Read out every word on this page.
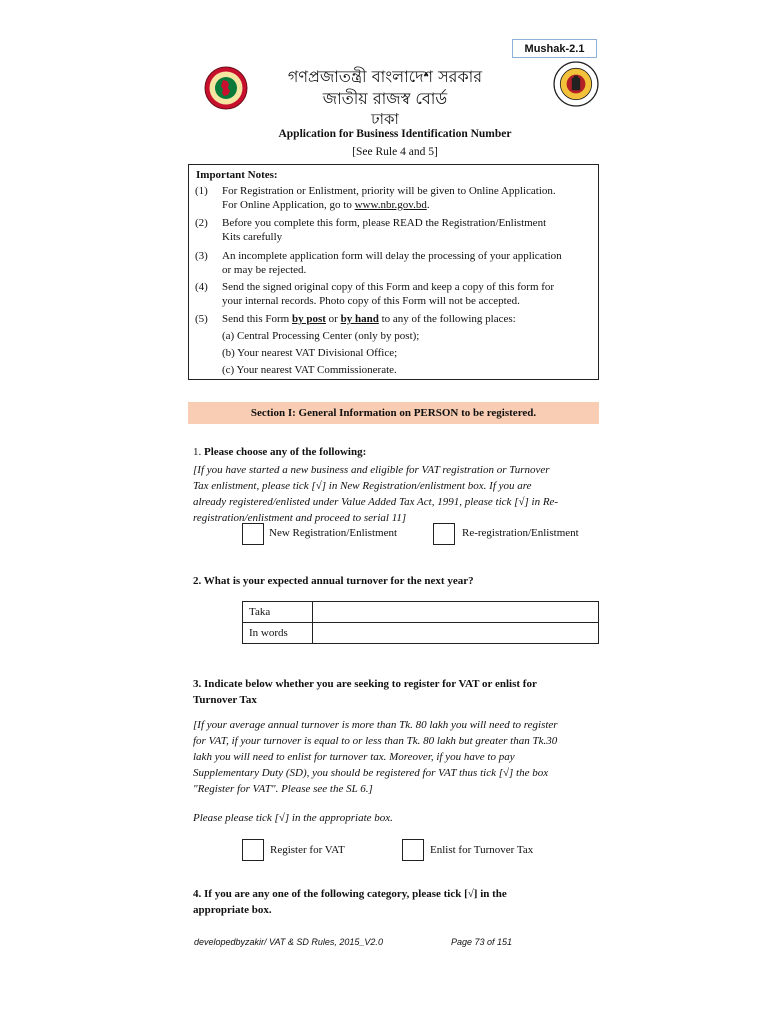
Mushak-2.1
গণপ্রজাতন্ত্রী বাংলাদেশ সরকার
জাতীয় রাজস্ব বোর্ড
ঢাকা
Application for Business Identification Number
[See Rule 4 and 5]
Important Notes:
(1) For Registration or Enlistment, priority will be given to Online Application.
For Online Application, go to www.nbr.gov.bd.
(2) Before you complete this form, please READ the Registration/Enlistment
Kits carefully
(3) An incomplete application form will delay the processing of your application
or may be rejected.
(4) Send the signed original copy of this Form and keep a copy of this form for
your internal records. Photo copy of this Form will not be accepted.
(5) Send this Form by post or by hand to any of the following places:
(a) Central Processing Center (only by post);
(b) Your nearest VAT Divisional Office;
(c) Your nearest VAT Commissionerate.
Section I: General Information on PERSON to be registered.
1. Please choose any of the following:
[If you have started a new business and eligible for VAT registration or Turnover
Tax enlistment, please tick [√] in New Registration/enlistment box. If you are
already registered/enlisted under Value Added Tax Act, 1991, please tick [√] in Re-
registration/enlistment and proceed to serial 11]
New Registration/Enlistment	Re-registration/Enlistment
2. What is your expected annual turnover for the next year?
Taka	
In words	
3. Indicate below whether you are seeking to register for VAT or enlist for
Turnover Tax
[If your average annual turnover is more than Tk. 80 lakh you will need to register
for VAT, if your turnover is equal to or less than Tk. 80 lakh but greater than Tk.30
lakh you will need to enlist for turnover tax. Moreover, if you have to pay
Supplementary Duty (SD), you should be registered for VAT thus tick [√] the box
"Register for VAT". Please see the SL 6.]
Please please tick [√] in the appropriate box.
Register for VAT	Enlist for Turnover Tax
4. If you are any one of the following category, please tick [√] in the
appropriate box.
developedbyzakir/ VAT & SD Rules, 2015_V2.0	Page 73 of 151
